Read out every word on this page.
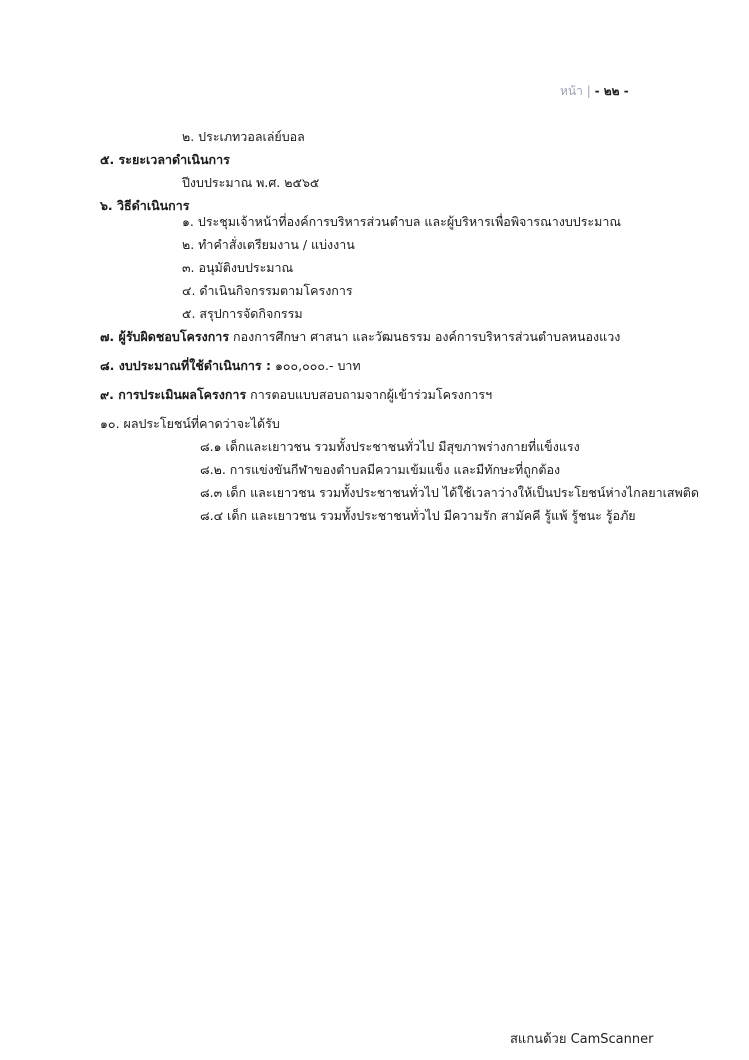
หน้า | - ๒๒ -
๒. ประเภทวอลเล่ย์บอล
๕. ระยะเวลาดำเนินการ
ปีงบประมาณ พ.ศ. ๒๕๖๕
๖. วิธีดำเนินการ
๑. ประชุมเจ้าหน้าที่องค์การบริหารส่วนตำบล และผู้บริหารเพื่อพิจารณางบประมาณ
๒. ทำคำสั่งเตรียมงาน / แบ่งงาน
๓. อนุมัติงบประมาณ
๔. ดำเนินกิจกรรมตามโครงการ
๕. สรุปการจัดกิจกรรม
๗. ผู้รับผิดชอบโครงการ กองการศึกษา ศาสนา และวัฒนธรรม องค์การบริหารส่วนตำบลหนองแวง
๘. งบประมาณที่ใช้ดำเนินการ : ๑๐๐,๐๐๐.- บาท
๙. การประเมินผลโครงการ การตอบแบบสอบถามจากผู้เข้าร่วมโครงการฯ
๑๐. ผลประโยชน์ที่คาดว่าจะได้รับ
๘.๑ เด็กและเยาวชน รวมทั้งประชาชนทั่วไป มีสุขภาพร่างกายที่แข็งแรง
๘.๒. การแข่งขันกีฬาของตำบลมีความเข้มแข็ง และมีทักษะที่ถูกต้อง
๘.๓ เด็ก และเยาวชน รวมทั้งประชาชนทั่วไป ได้ใช้เวลาว่างให้เป็นประโยชน์ห่างไกลยาเสพติด
๘.๔ เด็ก และเยาวชน รวมทั้งประชาชนทั่วไป มีความรัก สามัคคี รู้แพ้ รู้ชนะ รู้อภัย
สแกนด้วย CamScanner
